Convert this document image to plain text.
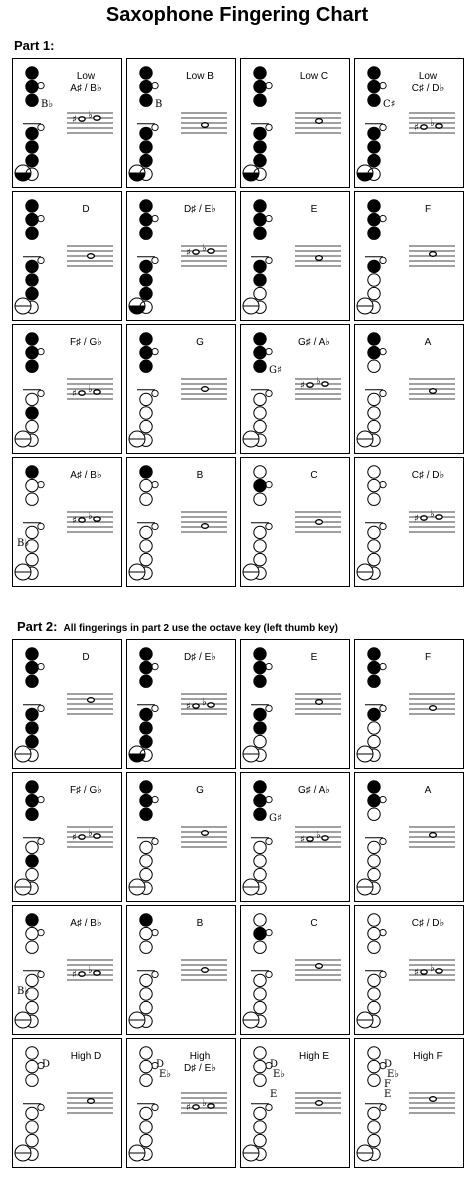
Saxophone Fingering Chart
Part 1:
Low
A♯ / B♭
♯ ♭
B♭
Low B
B
Low C	Low
C♯ / D♭
♯ ♭
C♯
D	D♯ / E♭
♯ ♭
E	F
F♯ / G♭
♯ ♭
G	G♯ / A♭
♯ ♭
G♯
A
A♯ / B♭
♯ ♭
B♭
B	C	C♯ / D♭
♯ ♭
Part 2: All fingerings in part 2 use the octave key (left thumb key)
D	D♯ / E♭
♯ ♭
E	F
F♯ / G♭
♯ ♭
G	G♯ / A♭
♯ ♭
G♯
A
A♯ / B♭
♯ ♭
B♭
B	C	C♯ / D♭
♯ ♭
High D
D
High
D♯ / E♭
♯ ♭
D
E♭
High E
D
E♭
E
High F
D
E♭
F
E
